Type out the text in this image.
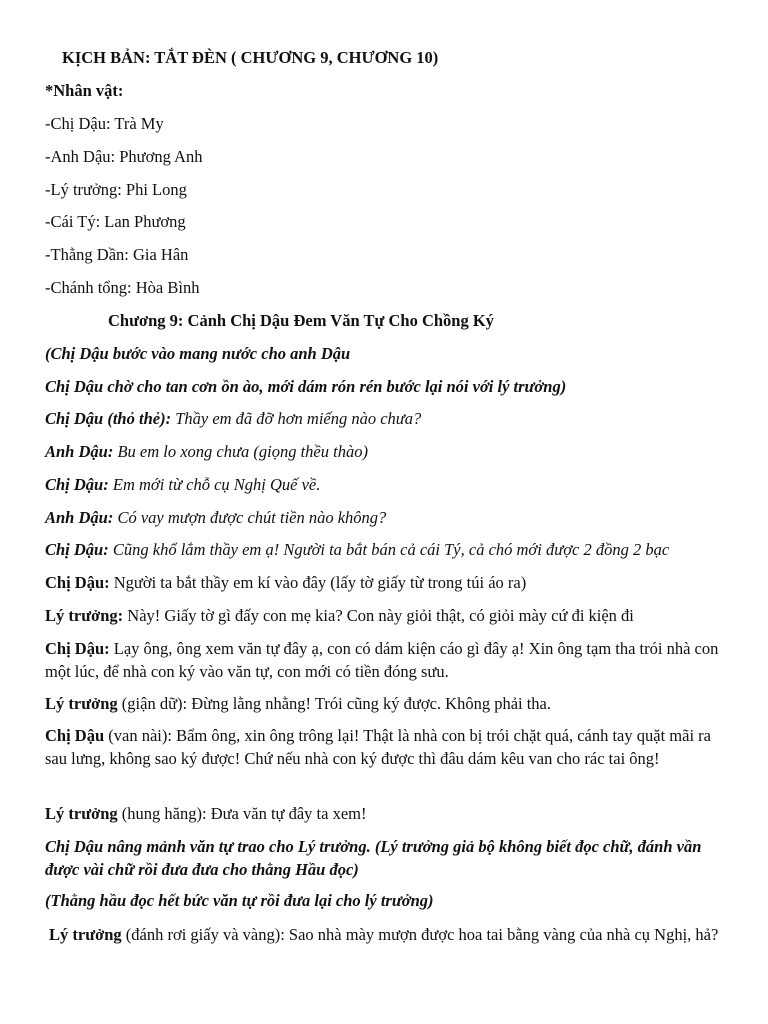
KỊCH BẢN: TẮT ĐÈN ( CHƯƠNG 9, CHƯƠNG 10)
*Nhân vật:
-Chị Dậu: Trà My
-Anh Dậu: Phương Anh
-Lý trưởng: Phi Long
-Cái Tý: Lan Phương
-Thằng Dần: Gia Hân
-Chánh tổng: Hòa Bình
Chương 9: Cảnh Chị Dậu Đem Văn Tự Cho Chồng Ký
(Chị Dậu bước vào mang nước cho anh Dậu
Chị Dậu chờ cho tan cơn ồn ào, mới dám rón rén bước lại nói với lý trưởng)
Chị Dậu (thỏ thẻ): Thầy em đã đỡ hơn miếng nào chưa?
Anh Dậu: Bu em lo xong chưa (giọng thều thào)
Chị Dậu: Em mới từ chỗ cụ Nghị Quế về.
Anh Dậu: Có vay mượn được chút tiền nào không?
Chị Dậu: Cũng khổ lắm thầy em ạ! Người ta bắt bán cả cái Tý, cả chó mới được 2 đồng 2 bạc
Chị Dậu: Người ta bắt thầy em kí vào đây (lấy tờ giấy từ trong túi áo ra)
Lý trưởng: Này! Giấy tờ gì đấy con mẹ kia? Con này giỏi thật, có giỏi mày cứ đi kiện đi
Chị Dậu: Lạy ông, ông xem văn tự đây ạ, con có dám kiện cáo gì đây ạ! Xin ông tạm tha trói nhà con một lúc, để nhà con ký vào văn tự, con mới có tiền đóng sưu.
Lý trưởng (giận dữ): Đừng lằng nhằng! Trói cũng ký được. Không phải tha.
Chị Dậu (van nài): Bẩm ông, xin ông trông lại! Thật là nhà con bị trói chặt quá, cánh tay quặt mãi ra sau lưng, không sao ký được! Chứ nếu nhà con ký được thì đâu dám kêu van cho rác tai ông!
Lý trưởng (hung hăng): Đưa văn tự đây ta xem!
Chị Dậu nâng mảnh văn tự trao cho Lý trưởng. (Lý trưởng giả bộ không biết đọc chữ, đánh vần được vài chữ rồi đưa đưa cho thằng Hầu đọc)
(Thằng hầu đọc hết bức văn tự rồi đưa lại cho lý trưởng)
Lý trưởng (đánh rơi giấy và vàng): Sao nhà mày mượn được hoa tai bằng vàng của nhà cụ Nghị, hả?
